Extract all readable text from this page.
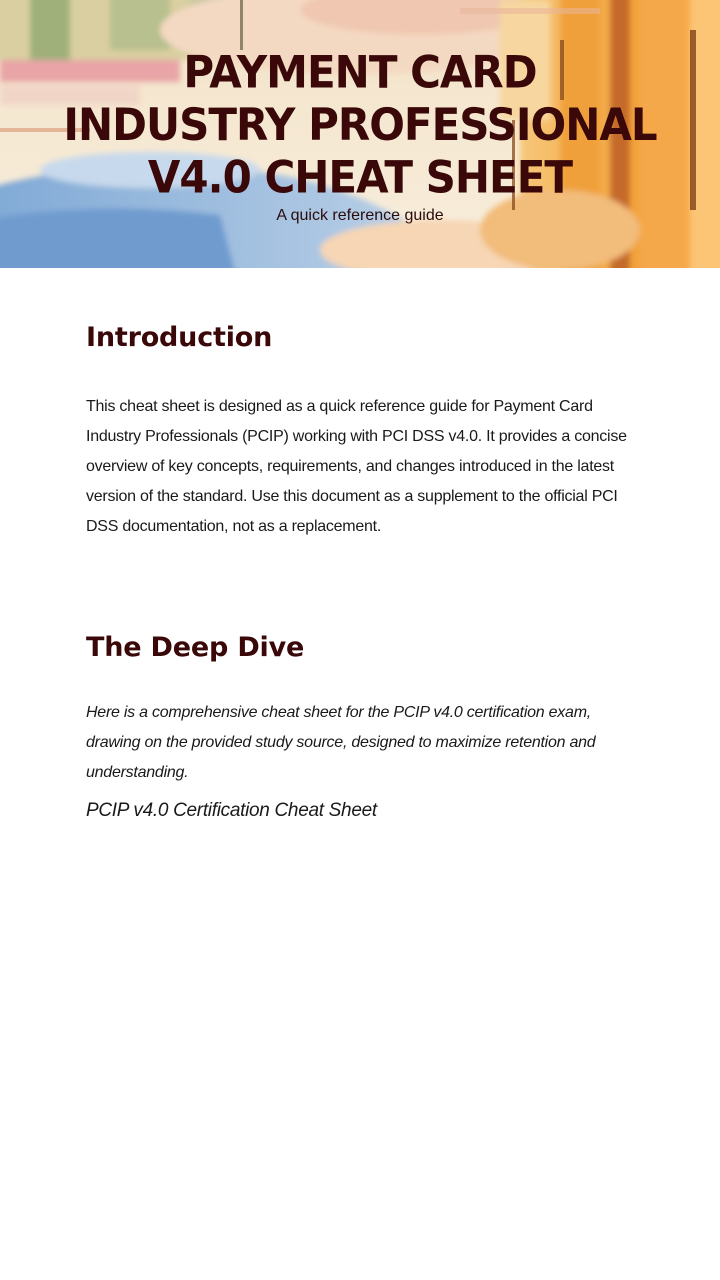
PAYMENT CARD
INDUSTRY PROFESSIONAL
V4.0 CHEAT SHEET

A quick reference guide

Introduction

This cheat sheet is designed as a quick reference guide for Payment Card Industry Professionals (PCIP) working with PCI DSS v4.0. It provides a concise overview of key concepts, requirements, and changes introduced in the latest version of the standard. Use this document as a supplement to the official PCI DSS documentation, not as a replacement.

The Deep Dive

Here is a comprehensive cheat sheet for the PCIP v4.0 certification exam, drawing on the provided study source, designed to maximize retention and understanding.

PCIP v4.0 Certification Cheat Sheet
